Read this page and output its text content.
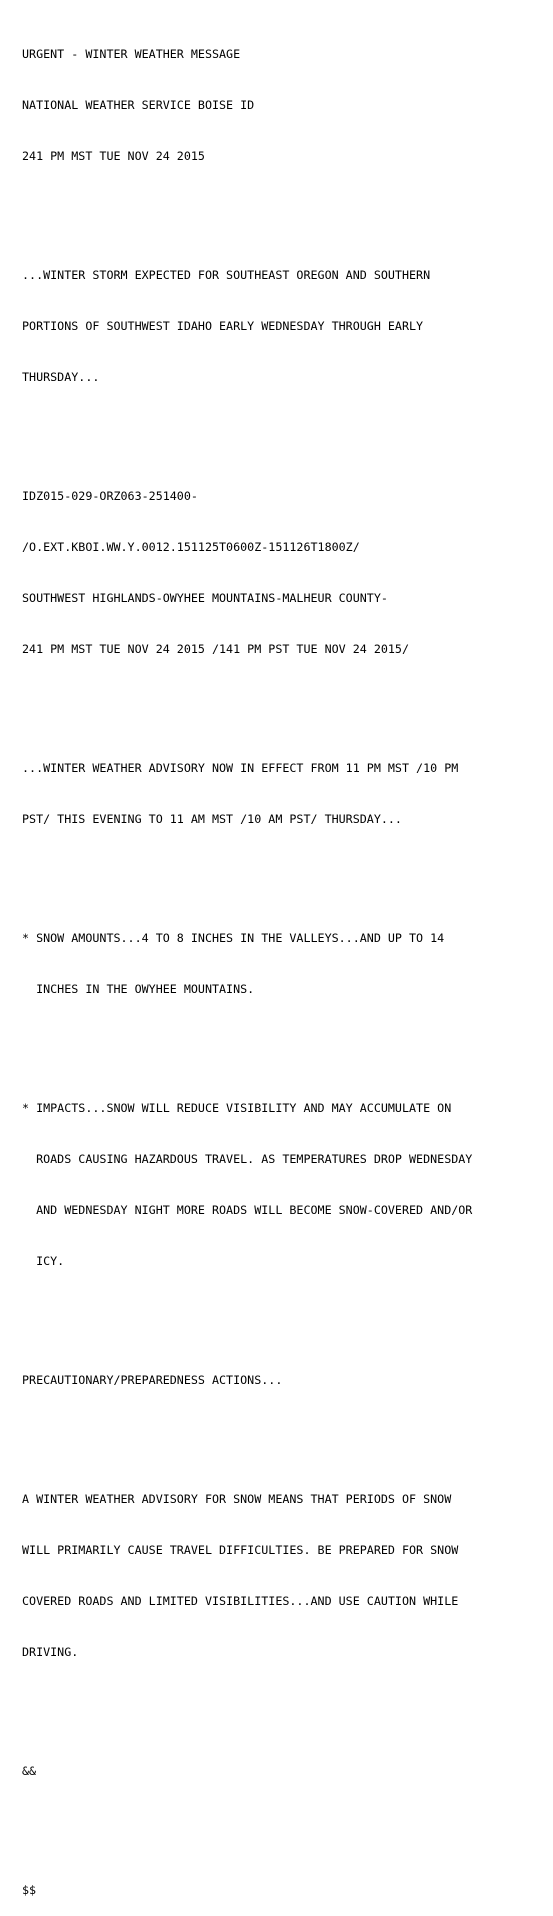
URGENT - WINTER WEATHER MESSAGE

NATIONAL WEATHER SERVICE BOISE ID

241 PM MST TUE NOV 24 2015

...WINTER STORM EXPECTED FOR SOUTHEAST OREGON AND SOUTHERN

PORTIONS OF SOUTHWEST IDAHO EARLY WEDNESDAY THROUGH EARLY

THURSDAY...

IDZ015-029-ORZ063-251400-

/O.EXT.KBOI.WW.Y.0012.151125T0600Z-151126T1800Z/

SOUTHWEST HIGHLANDS-OWYHEE MOUNTAINS-MALHEUR COUNTY-

241 PM MST TUE NOV 24 2015 /141 PM PST TUE NOV 24 2015/

...WINTER WEATHER ADVISORY NOW IN EFFECT FROM 11 PM MST /10 PM

PST/ THIS EVENING TO 11 AM MST /10 AM PST/ THURSDAY...

* SNOW AMOUNTS...4 TO 8 INCHES IN THE VALLEYS...AND UP TO 14

INCHES IN THE OWYHEE MOUNTAINS.

* IMPACTS...SNOW WILL REDUCE VISIBILITY AND MAY ACCUMULATE ON

ROADS CAUSING HAZARDOUS TRAVEL. AS TEMPERATURES DROP WEDNESDAY

AND WEDNESDAY NIGHT MORE ROADS WILL BECOME SNOW-COVERED AND/OR

ICY.

PRECAUTIONARY/PREPAREDNESS ACTIONS...

A WINTER WEATHER ADVISORY FOR SNOW MEANS THAT PERIODS OF SNOW

WILL PRIMARILY CAUSE TRAVEL DIFFICULTIES. BE PREPARED FOR SNOW

COVERED ROADS AND LIMITED VISIBILITIES...AND USE CAUTION WHILE

DRIVING.

&&

$$
